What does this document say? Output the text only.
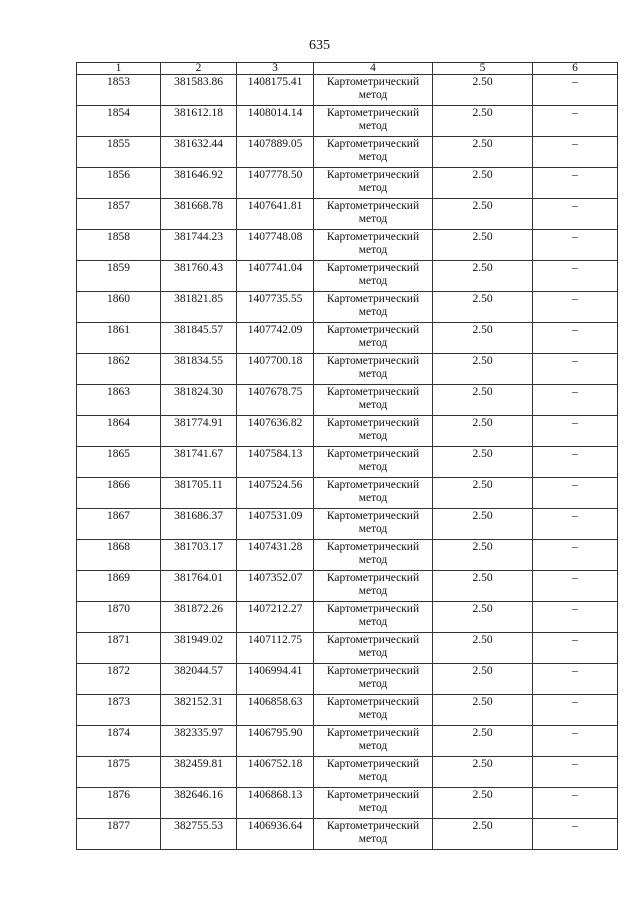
635
1	2	3	4	5	6
1853	381583.86	1408175.41	Картометрический
метод	2.50	–
1854	381612.18	1408014.14	Картометрический
метод	2.50	–
1855	381632.44	1407889.05	Картометрический
метод	2.50	–
1856	381646.92	1407778.50	Картометрический
метод	2.50	–
1857	381668.78	1407641.81	Картометрический
метод	2.50	–
1858	381744.23	1407748.08	Картометрический
метод	2.50	–
1859	381760.43	1407741.04	Картометрический
метод	2.50	–
1860	381821.85	1407735.55	Картометрический
метод	2.50	–
1861	381845.57	1407742.09	Картометрический
метод	2.50	–
1862	381834.55	1407700.18	Картометрический
метод	2.50	–
1863	381824.30	1407678.75	Картометрический
метод	2.50	–
1864	381774.91	1407636.82	Картометрический
метод	2.50	–
1865	381741.67	1407584.13	Картометрический
метод	2.50	–
1866	381705.11	1407524.56	Картометрический
метод	2.50	–
1867	381686.37	1407531.09	Картометрический
метод	2.50	–
1868	381703.17	1407431.28	Картометрический
метод	2.50	–
1869	381764.01	1407352.07	Картометрический
метод	2.50	–
1870	381872.26	1407212.27	Картометрический
метод	2.50	–
1871	381949.02	1407112.75	Картометрический
метод	2.50	–
1872	382044.57	1406994.41	Картометрический
метод	2.50	–
1873	382152.31	1406858.63	Картометрический
метод	2.50	–
1874	382335.97	1406795.90	Картометрический
метод	2.50	–
1875	382459.81	1406752.18	Картометрический
метод	2.50	–
1876	382646.16	1406868.13	Картометрический
метод	2.50	–
1877	382755.53	1406936.64	Картометрический
метод	2.50	–
